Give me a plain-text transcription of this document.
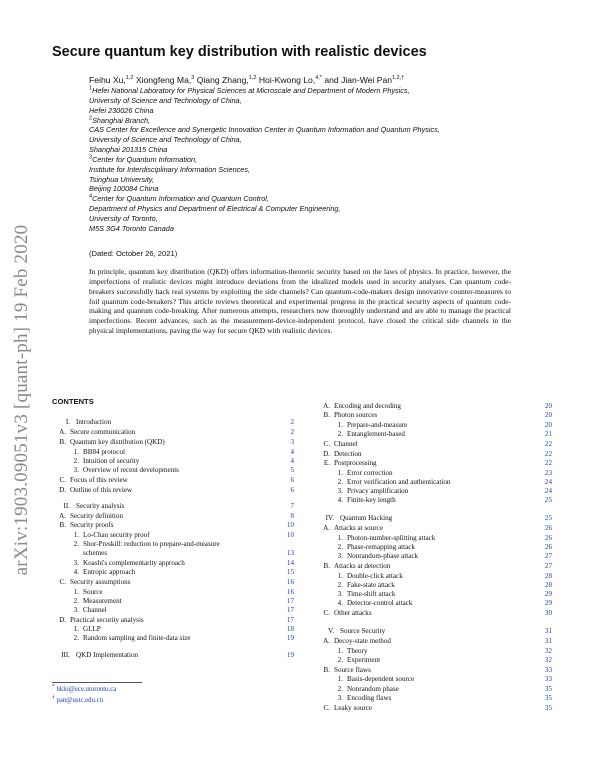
arXiv:1903.09051v3 [quant-ph] 19 Feb 2020
Secure quantum key distribution with realistic devices
Feihu Xu,$^{1,2}$ Xiongfeng Ma,$^3$ Qiang Zhang,$^{1,2}$ Hoi-Kwong Lo,$^{4,*}$ and Jian-Wei Pan$^{1,2,\dagger}$
$^1$Hefei National Laboratory for Physical Sciences at Microscale and Department of Modern Physics,
University of Science and Technology of China,
Hefei 230026 China
$^2$Shanghai Branch,
CAS Center for Excellence and Synergetic Innovation Center in Quantum Information and Quantum Physics,
University of Science and Technology of China,
Shanghai 201315 China
$^3$Center for Quantum Information,
Institute for Interdisciplinary Information Sciences,
Tsinghua University,
Beijing 100084 China
$^4$Center for Quantum Information and Quantum Control,
Department of Physics and Department of Electrical & Computer Engineering,
University of Toronto,
M5S 3G4 Toronto Canada
(Dated: October 26, 2021)
In principle, quantum key distribution (QKD) offers information-theoretic security based on the laws of physics. In practice, however, the imperfections of realistic devices might introduce deviations from the idealized models used in security analyses. Can quantum code-breakers successfully hack real systems by exploiting the side channels? Can quantum-code-makers design innovative counter-measures to foil quantum code-breakers? This article reviews theoretical and experimental progress in the practical security aspects of quantum code-making and quantum code-breaking. After numerous attempts, researchers now thoroughly understand and are able to manage the practical imperfections. Recent advances, such as the measurement-device-independent protocol, have closed the critical side channels in the physical implementations, paving the way for secure QKD with realistic devices.
CONTENTS
I. Introduction	2
A. Secure communication	2
B. Quantum key distribution (QKD)	3
1. BB84 protocol	4
2. Intuition of security	4
3. Overview of recent developments	5
C. Focus of this review	6
D. Outline of this review	6
II. Security analysis	7
A. Security definition	8
B. Security proofs	10
1. Lo-Chau security proof	10
2. Shor-Preskill: reduction to prepare-and-measure
schemes	13
3. Koashi's complementarity approach	14
4. Entropic approach	15
C. Security assumptions	16
1. Source	16
2. Measurement	17
3. Channel	17
D. Practical security analysis	17
1. GLLP	18
2. Random sampling and finite-data size	19
III. QKD Implementation	19
A. Encoding and decoding	20
B. Photon sources	20
1. Prepare-and-measure	20
2. Entanglement-based	21
C. Channel	22
D. Detection	22
E. Postprocessing	22
1. Error correction	23
2. Error verification and authentication	24
3. Privacy amplification	24
4. Finite-key length	25
IV. Quantum Hacking	25
A. Attacks at source	26
1. Photon-number-splitting attack	26
2. Phase-remapping attack	26
3. Nonrandom-phase attack	27
B. Attacks at detection	27
1. Double-click attack	28
2. Fake-state attack	28
3. Time-shift attack	29
4. Detector-control attack	29
C. Other attacks	30
V. Source Security	31
A. Decoy-state method	31
1. Theory	32
2. Experiment	32
B. Source flaws	33
1. Basis-dependent source	33
2. Nonrandom phase	35
3. Encoding flaws	35
C. Leaky source	35
* hklo@ece.utoronto.ca
† pan@ustc.edu.cn
